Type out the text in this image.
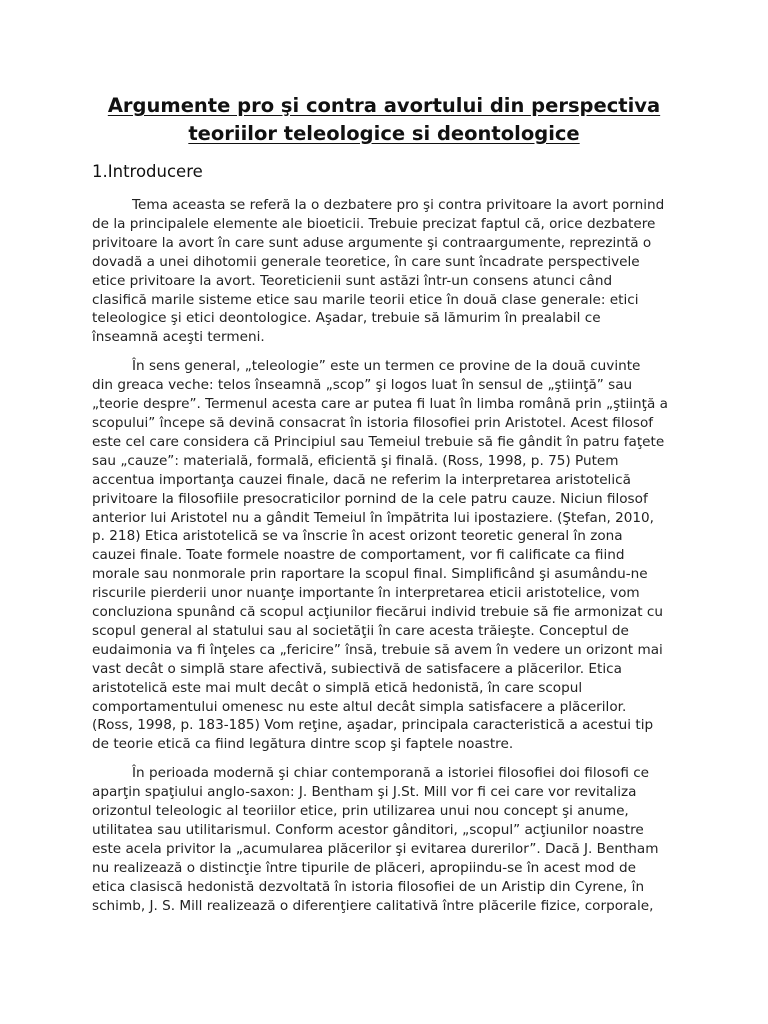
Argumente pro şi contra avortului din perspectiva
teoriilor teleologice si deontologice
1.Introducere

Tema aceasta se referă la o dezbatere pro şi contra privitoare la avort pornind
de la principalele elemente ale bioeticii. Trebuie precizat faptul că, orice dezbatere
privitoare la avort în care sunt aduse argumente şi contraargumente, reprezintă o
dovadă a unei dihotomii generale teoretice, în care sunt încadrate perspectivele
etice privitoare la avort. Teoreticienii sunt astăzi într-un consens atunci când
clasifică marile sisteme etice sau marile teorii etice în două clase generale: etici
teleologice şi etici deontologice. Aşadar, trebuie să lămurim în prealabil ce
înseamnă aceşti termeni.

În sens general, „teleologie” este un termen ce provine de la două cuvinte
din greaca veche: telos înseamnă „scop” şi logos luat în sensul de „ştiinţă” sau
„teorie despre”. Termenul acesta care ar putea fi luat în limba română prin „ştiinţă a
scopului” începe să devină consacrat în istoria filosofiei prin Aristotel. Acest filosof
este cel care considera că Principiul sau Temeiul trebuie să fie gândit în patru faţete
sau „cauze”: materială, formală, eficientă şi finală. (Ross, 1998, p. 75) Putem
accentua importanţa cauzei finale, dacă ne referim la interpretarea aristotelică
privitoare la filosofiile presocraticilor pornind de la cele patru cauze. Niciun filosof
anterior lui Aristotel nu a gândit Temeiul în împătrita lui ipostaziere. (Ştefan, 2010,
p. 218) Etica aristotelică se va înscrie în acest orizont teoretic general în zona
cauzei finale. Toate formele noastre de comportament, vor fi calificate ca fiind
morale sau nonmorale prin raportare la scopul final. Simplificând şi asumându-ne
riscurile pierderii unor nuanţe importante în interpretarea eticii aristotelice, vom
concluziona spunând că scopul acţiunilor fiecărui individ trebuie să fie armonizat cu
scopul general al statului sau al societăţii în care acesta trăieşte. Conceptul de
eudaimonia va fi înţeles ca „fericire” însă, trebuie să avem în vedere un orizont mai
vast decât o simplă stare afectivă, subiectivă de satisfacere a plăcerilor. Etica
aristotelică este mai mult decât o simplă etică hedonistă, în care scopul
comportamentului omenesc nu este altul decât simpla satisfacere a plăcerilor.
(Ross, 1998, p. 183-185) Vom reţine, aşadar, principala caracteristică a acestui tip
de teorie etică ca fiind legătura dintre scop şi faptele noastre.

În perioada modernă şi chiar contemporană a istoriei filosofiei doi filosofi ce
aparţin spaţiului anglo-saxon: J. Bentham şi J.St. Mill vor fi cei care vor revitaliza
orizontul teleologic al teoriilor etice, prin utilizarea unui nou concept şi anume,
utilitatea sau utilitarismul. Conform acestor gânditori, „scopul” acţiunilor noastre
este acela privitor la „acumularea plăcerilor şi evitarea durerilor”. Dacă J. Bentham
nu realizează o distincţie între tipurile de plăceri, apropiindu-se în acest mod de
etica clasiscă hedonistă dezvoltată în istoria filosofiei de un Aristip din Cyrene, în
schimb, J. S. Mill realizează o diferenţiere calitativă între plăcerile fizice, corporale,
